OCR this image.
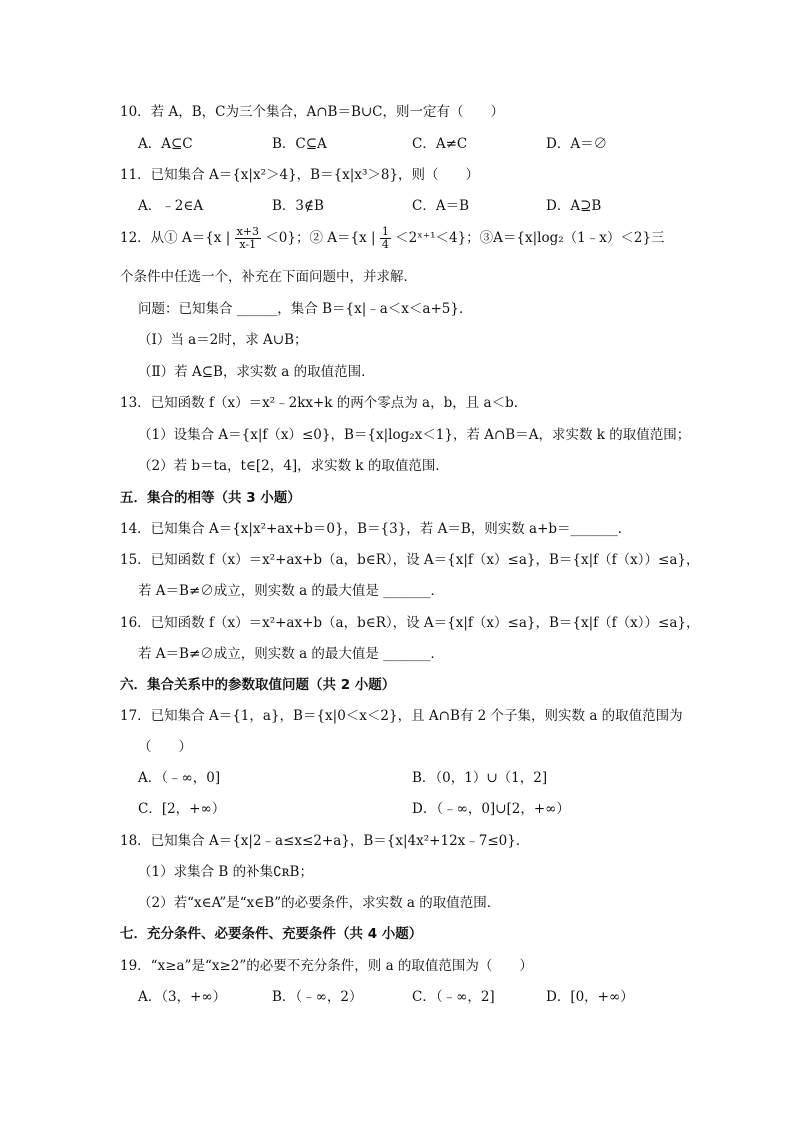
10．若 A，B，C为三个集合，A∩B＝B∪C，则一定有（　　）
A．A⊆C	B．C⊆A	C．A≠C	D．A＝∅
11．已知集合 A＝{x|x²＞4}，B＝{x|x³＞8}，则（　　）
A．﹣2∈A	B．3∉B	C．A＝B	D．A⊇B
12．从① A＝{x | $\frac{x+3}{x-1} <0$}；② A＝{x | $\frac{1}{4}$ ＜2ˣ⁺¹＜4}；③A＝{x|log₂（1﹣x）＜2}三
个条件中任选一个，补充在下面问题中，并求解．
问题：已知集合 ______，集合 B＝{x|﹣a＜x＜a+5}．
（Ⅰ）当 a＝2时，求 A∪B；
（Ⅱ）若 A⊆B，求实数 a 的取值范围．
13．已知函数 f（x）＝x²﹣2kx+k 的两个零点为 a，b，且 a＜b．
（1）设集合 A＝{x|f（x）≤0}，B＝{x|log₂x＜1}，若 A∩B＝A，求实数 k 的取值范围；
（2）若 b＝ta，t∈[2，4]，求实数 k 的取值范围．
五．集合的相等（共 3 小题）
14．已知集合 A＝{x|x²+ax+b＝0}，B＝{3}，若 A＝B，则实数 a+b＝_______．
15．已知函数 f（x）＝x²+ax+b（a，b∈R），设 A＝{x|f（x）≤a}，B＝{x|f（f（x））≤a}，
若 A＝B≠∅成立，则实数 a 的最大值是 _______．
16．已知函数 f（x）＝x²+ax+b（a，b∈R），设 A＝{x|f（x）≤a}，B＝{x|f（f（x））≤a}，
若 A＝B≠∅成立，则实数 a 的最大值是 _______．
六．集合关系中的参数取值问题（共 2 小题）
17．已知集合 A＝{1，a}，B＝{x|0＜x＜2}，且 A∩B有 2 个子集，则实数 a 的取值范围为
（　　）
A．（﹣∞，0]	B．（0，1）∪（1，2]
C．[2，+∞）	D．（﹣∞，0]∪[2，+∞）
18．已知集合 A＝{x|2﹣a≤x≤2+a}，B＝{x|4x²+12x﹣7≤0}．
（1）求集合 B 的补集∁ʀB；
（2）若“x∈A”是“x∈B”的必要条件，求实数 a 的取值范围．
七．充分条件、必要条件、充要条件（共 4 小题）
19．“x≥a”是“x≥2”的必要不充分条件，则 a 的取值范围为（　　）
A．（3，+∞）	B．（﹣∞，2）	C．（﹣∞，2]	D．[0，+∞）
